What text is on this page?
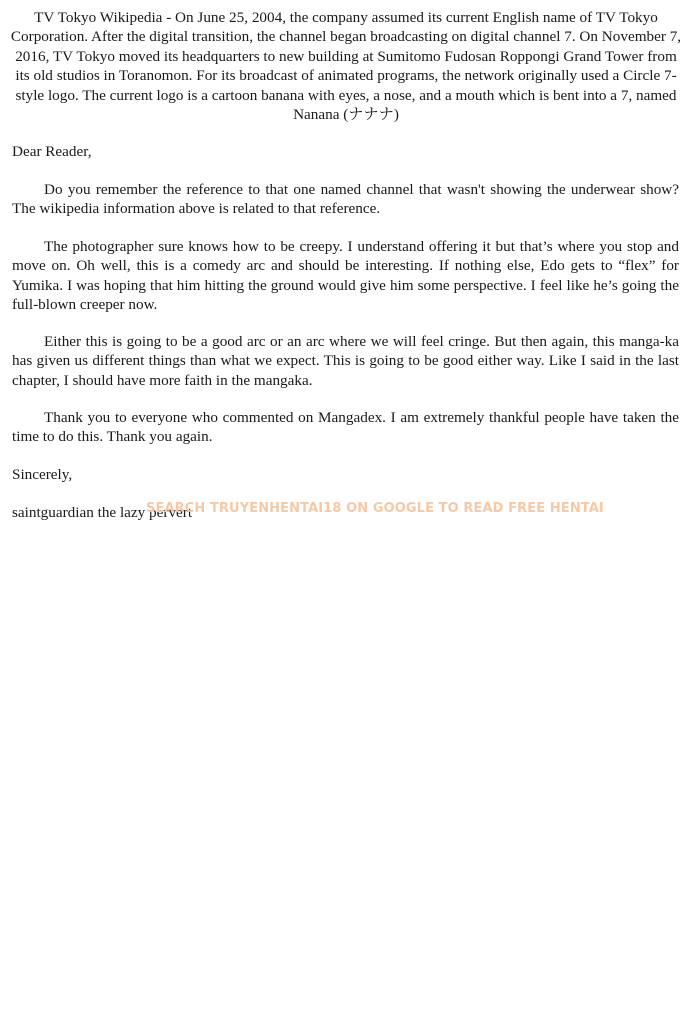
TV Tokyo Wikipedia - On June 25, 2004, the company assumed its current English name of TV Tokyo Corporation. After the digital transition, the channel began broadcasting on digital channel 7. On November 7, 2016, TV Tokyo moved its headquarters to new building at Sumitomo Fudosan Roppongi Grand Tower from its old studios in Toranomon. For its broadcast of animated programs, the network originally used a Circle 7-style logo. The current logo is a cartoon banana with eyes, a nose, and a mouth which is bent into a 7, named Nanana (ナナナ)
Dear Reader,
Do you remember the reference to that one named channel that wasn't showing the underwear show? The wikipedia information above is related to that reference.
The photographer sure knows how to be creepy. I understand offering it but that’s where you stop and move on. Oh well, this is a comedy arc and should be interesting. If nothing else, Edo gets to “flex” for Yumika. I was hoping that him hitting the ground would give him some perspective. I feel like he’s going the full-blown creeper now.
Either this is going to be a good arc or an arc where we will feel cringe. But then again, this manga-ka has given us different things than what we expect. This is going to be good either way. Like I said in the last chapter, I should have more faith in the mangaka.
Thank you to everyone who commented on Mangadex. I am extremely thankful people have taken the time to do this. Thank you again.
Sincerely,
saintguardian the lazy pervert
SEARCH TRUYENHENTAI18 ON GOOGLE TO READ FREE HENTAI
